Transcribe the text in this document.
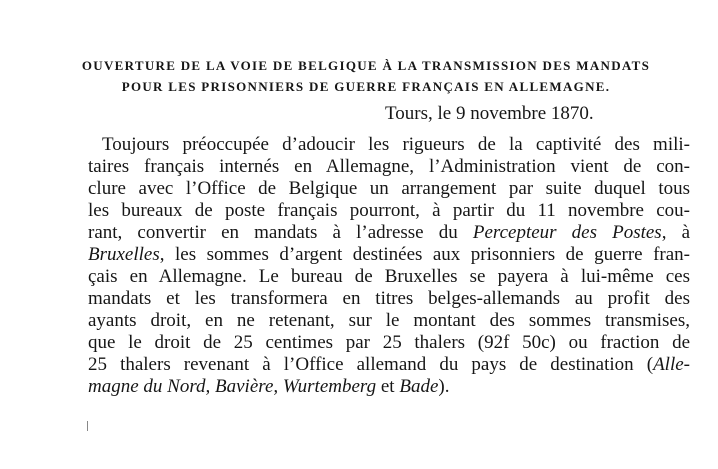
OUVERTURE DE LA VOIE DE BELGIQUE À LA TRANSMISSION DES MANDATS
POUR LES PRISONNIERS DE GUERRE FRANÇAIS EN ALLEMAGNE.
Tours, le 9 novembre 1870.
Toujours préoccupée d’adoucir les rigueurs de la captivité des mili-
taires français internés en Allemagne, l’Administration vient de con-
clure avec l’Office de Belgique un arrangement par suite duquel tous
les bureaux de poste français pourront, à partir du 11 novembre cou-
rant, convertir en mandats à l’adresse du Percepteur des Postes, à
Bruxelles, les sommes d’argent destinées aux prisonniers de guerre fran-
çais en Allemagne. Le bureau de Bruxelles se payera à lui-même ces
mandats et les transformera en titres belges-allemands au profit des
ayants droit, en ne retenant, sur le montant des sommes transmises,
que le droit de 25 centimes par 25 thalers (92f 50c) ou fraction de
25 thalers revenant à l’Office allemand du pays de destination (Alle-
magne du Nord, Bavière, Wurtemberg et Bade).
